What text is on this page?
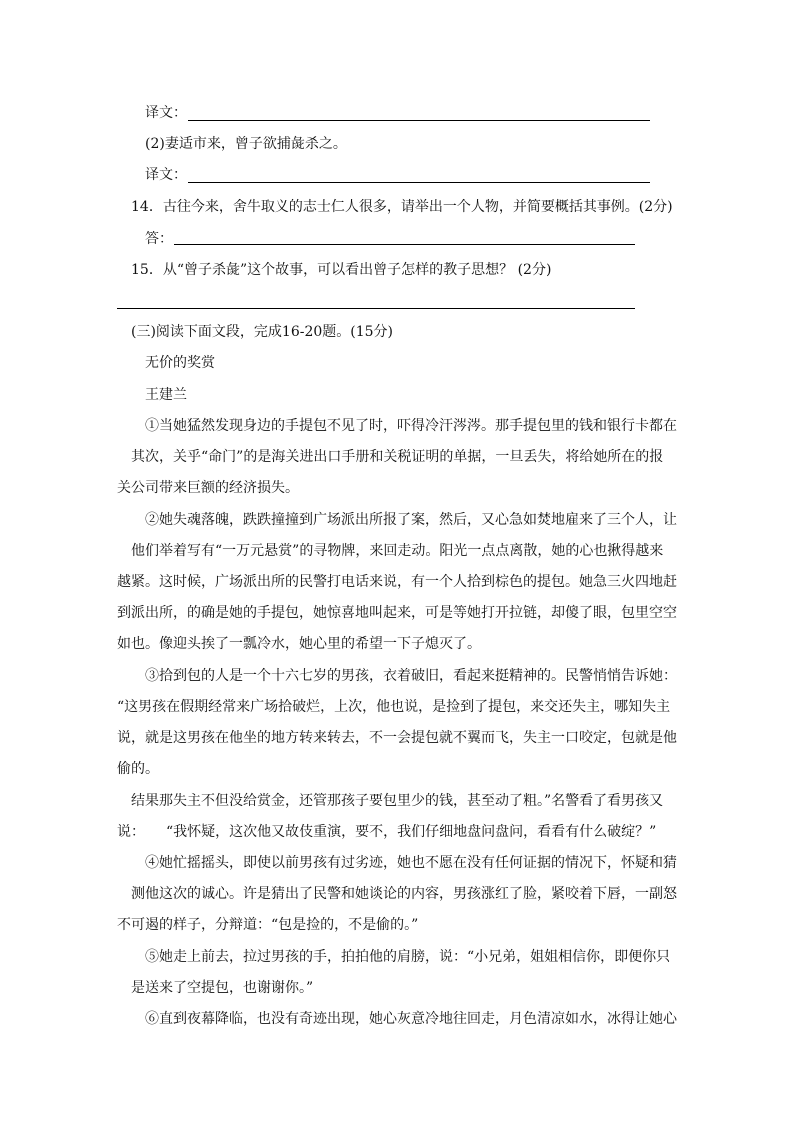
译文：
(2)妻适市来，曾子欲捕彘杀之。
译文：
14．古往今来，舍牛取义的志士仁人很多，请举出一个人物，并简要概括其事例。(2分)
答：
15．从“曾子杀彘”这个故事，可以看出曾子怎样的教子思想？ (2分)
(三)阅读下面文段，完成16-20题。(15分)
无价的奖赏
王建兰
①当她猛然发现身边的手提包不见了时，吓得冷汗涔涔。那手提包里的钱和银行卡都在
其次，关乎“命门”的是海关进出口手册和关税证明的单据，一旦丢失，将给她所在的报
关公司带来巨额的经济损失。
②她失魂落魄，跌跌撞撞到广场派出所报了案，然后，又心急如焚地雇来了三个人，让
他们举着写有“一万元悬赏”的寻物牌，来回走动。阳光一点点离散，她的心也揪得越来
越紧。这时候，广场派出所的民警打电话来说，有一个人拾到棕色的提包。她急三火四地赶
到派出所，的确是她的手提包，她惊喜地叫起来，可是等她打开拉链，却傻了眼，包里空空
如也。像迎头挨了一瓢冷水，她心里的希望一下子熄灭了。
③拾到包的人是一个十六七岁的男孩，衣着破旧，看起来挺精神的。民警悄悄告诉她：
“这男孩在假期经常来广场拾破烂，上次，他也说，是捡到了提包，来交还失主，哪知失主
说，就是这男孩在他坐的地方转来转去，不一会提包就不翼而飞，失主一口咬定，包就是他
偷的。
结果那失主不但没给赏金，还管那孩子要包里少的钱，甚至动了粗。”名警看了看男孩又
说：　　“我怀疑，这次他又故伎重演，要不，我们仔细地盘问盘问，看看有什么破绽？”
④她忙摇摇头，即使以前男孩有过劣迹，她也不愿在没有任何证据的情况下，怀疑和猜
测他这次的诚心。许是猜出了民警和她谈论的内容，男孩涨红了脸，紧咬着下唇，一副怒
不可遏的样子，分辩道：“包是捡的，不是偷的。”
⑤她走上前去，拉过男孩的手，拍拍他的肩膀，说：“小兄弟，姐姐相信你，即便你只
是送来了空提包，也谢谢你。”
⑥直到夜幕降临，也没有奇迹出现，她心灰意冷地往回走，月色清凉如水，冰得让她心
